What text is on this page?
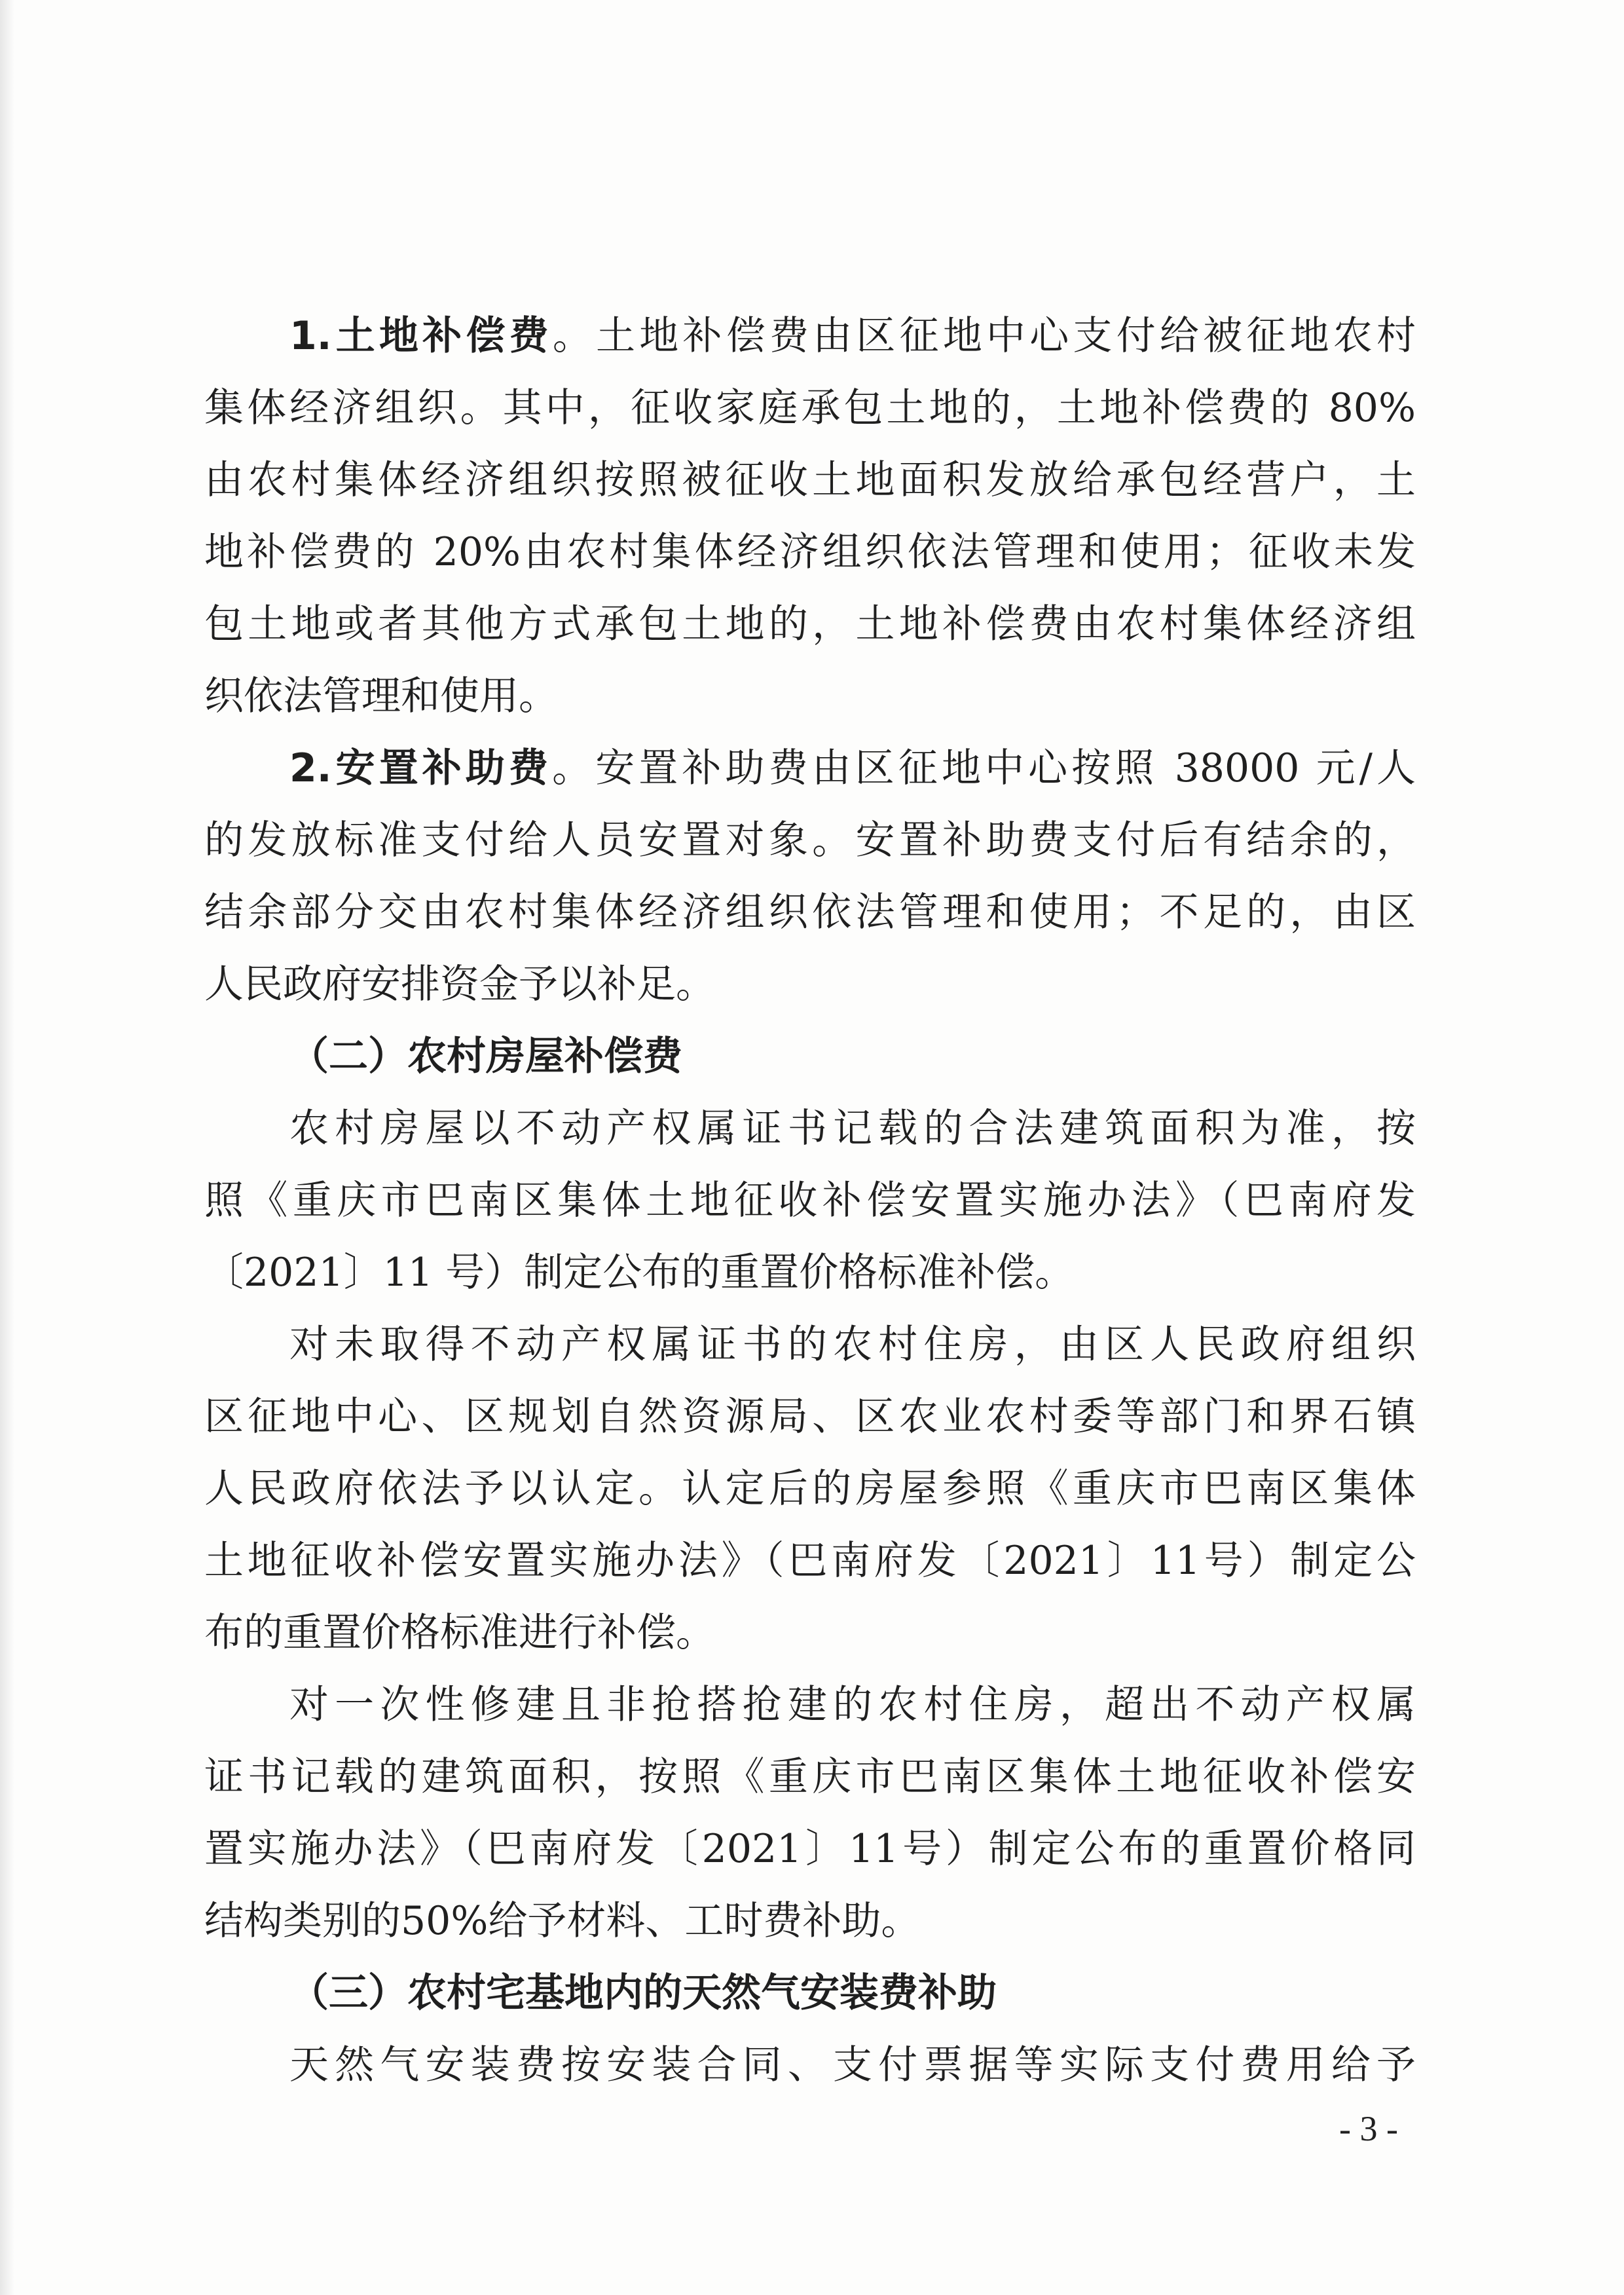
1.土地补偿费。土地补偿费由区征地中心支付给被征地农村
集体经济组织。其中，征收家庭承包土地的，土地补偿费的 80%
由农村集体经济组织按照被征收土地面积发放给承包经营户，土
地补偿费的 20%由农村集体经济组织依法管理和使用；征收未发
包土地或者其他方式承包土地的，土地补偿费由农村集体经济组
织依法管理和使用。
2.安置补助费。安置补助费由区征地中心按照 38000 元/人
的发放标准支付给人员安置对象。安置补助费支付后有结余的，
结余部分交由农村集体经济组织依法管理和使用；不足的，由区
人民政府安排资金予以补足。
（二）农村房屋补偿费
农村房屋以不动产权属证书记载的合法建筑面积为准，按
照《重庆市巴南区集体土地征收补偿安置实施办法》（巴南府发
〔2021〕11 号）制定公布的重置价格标准补偿。
对未取得不动产权属证书的农村住房，由区人民政府组织
区征地中心、区规划自然资源局、区农业农村委等部门和界石镇
人民政府依法予以认定。认定后的房屋参照《重庆市巴南区集体
土地征收补偿安置实施办法》（巴南府发〔2021〕11号）制定公
布的重置价格标准进行补偿。
对一次性修建且非抢搭抢建的农村住房，超出不动产权属
证书记载的建筑面积，按照《重庆市巴南区集体土地征收补偿安
置实施办法》（巴南府发〔2021〕11号）制定公布的重置价格同
结构类别的50%给予材料、工时费补助。
（三）农村宅基地内的天然气安装费补助
天然气安装费按安装合同、支付票据等实际支付费用给予
- 3 -
